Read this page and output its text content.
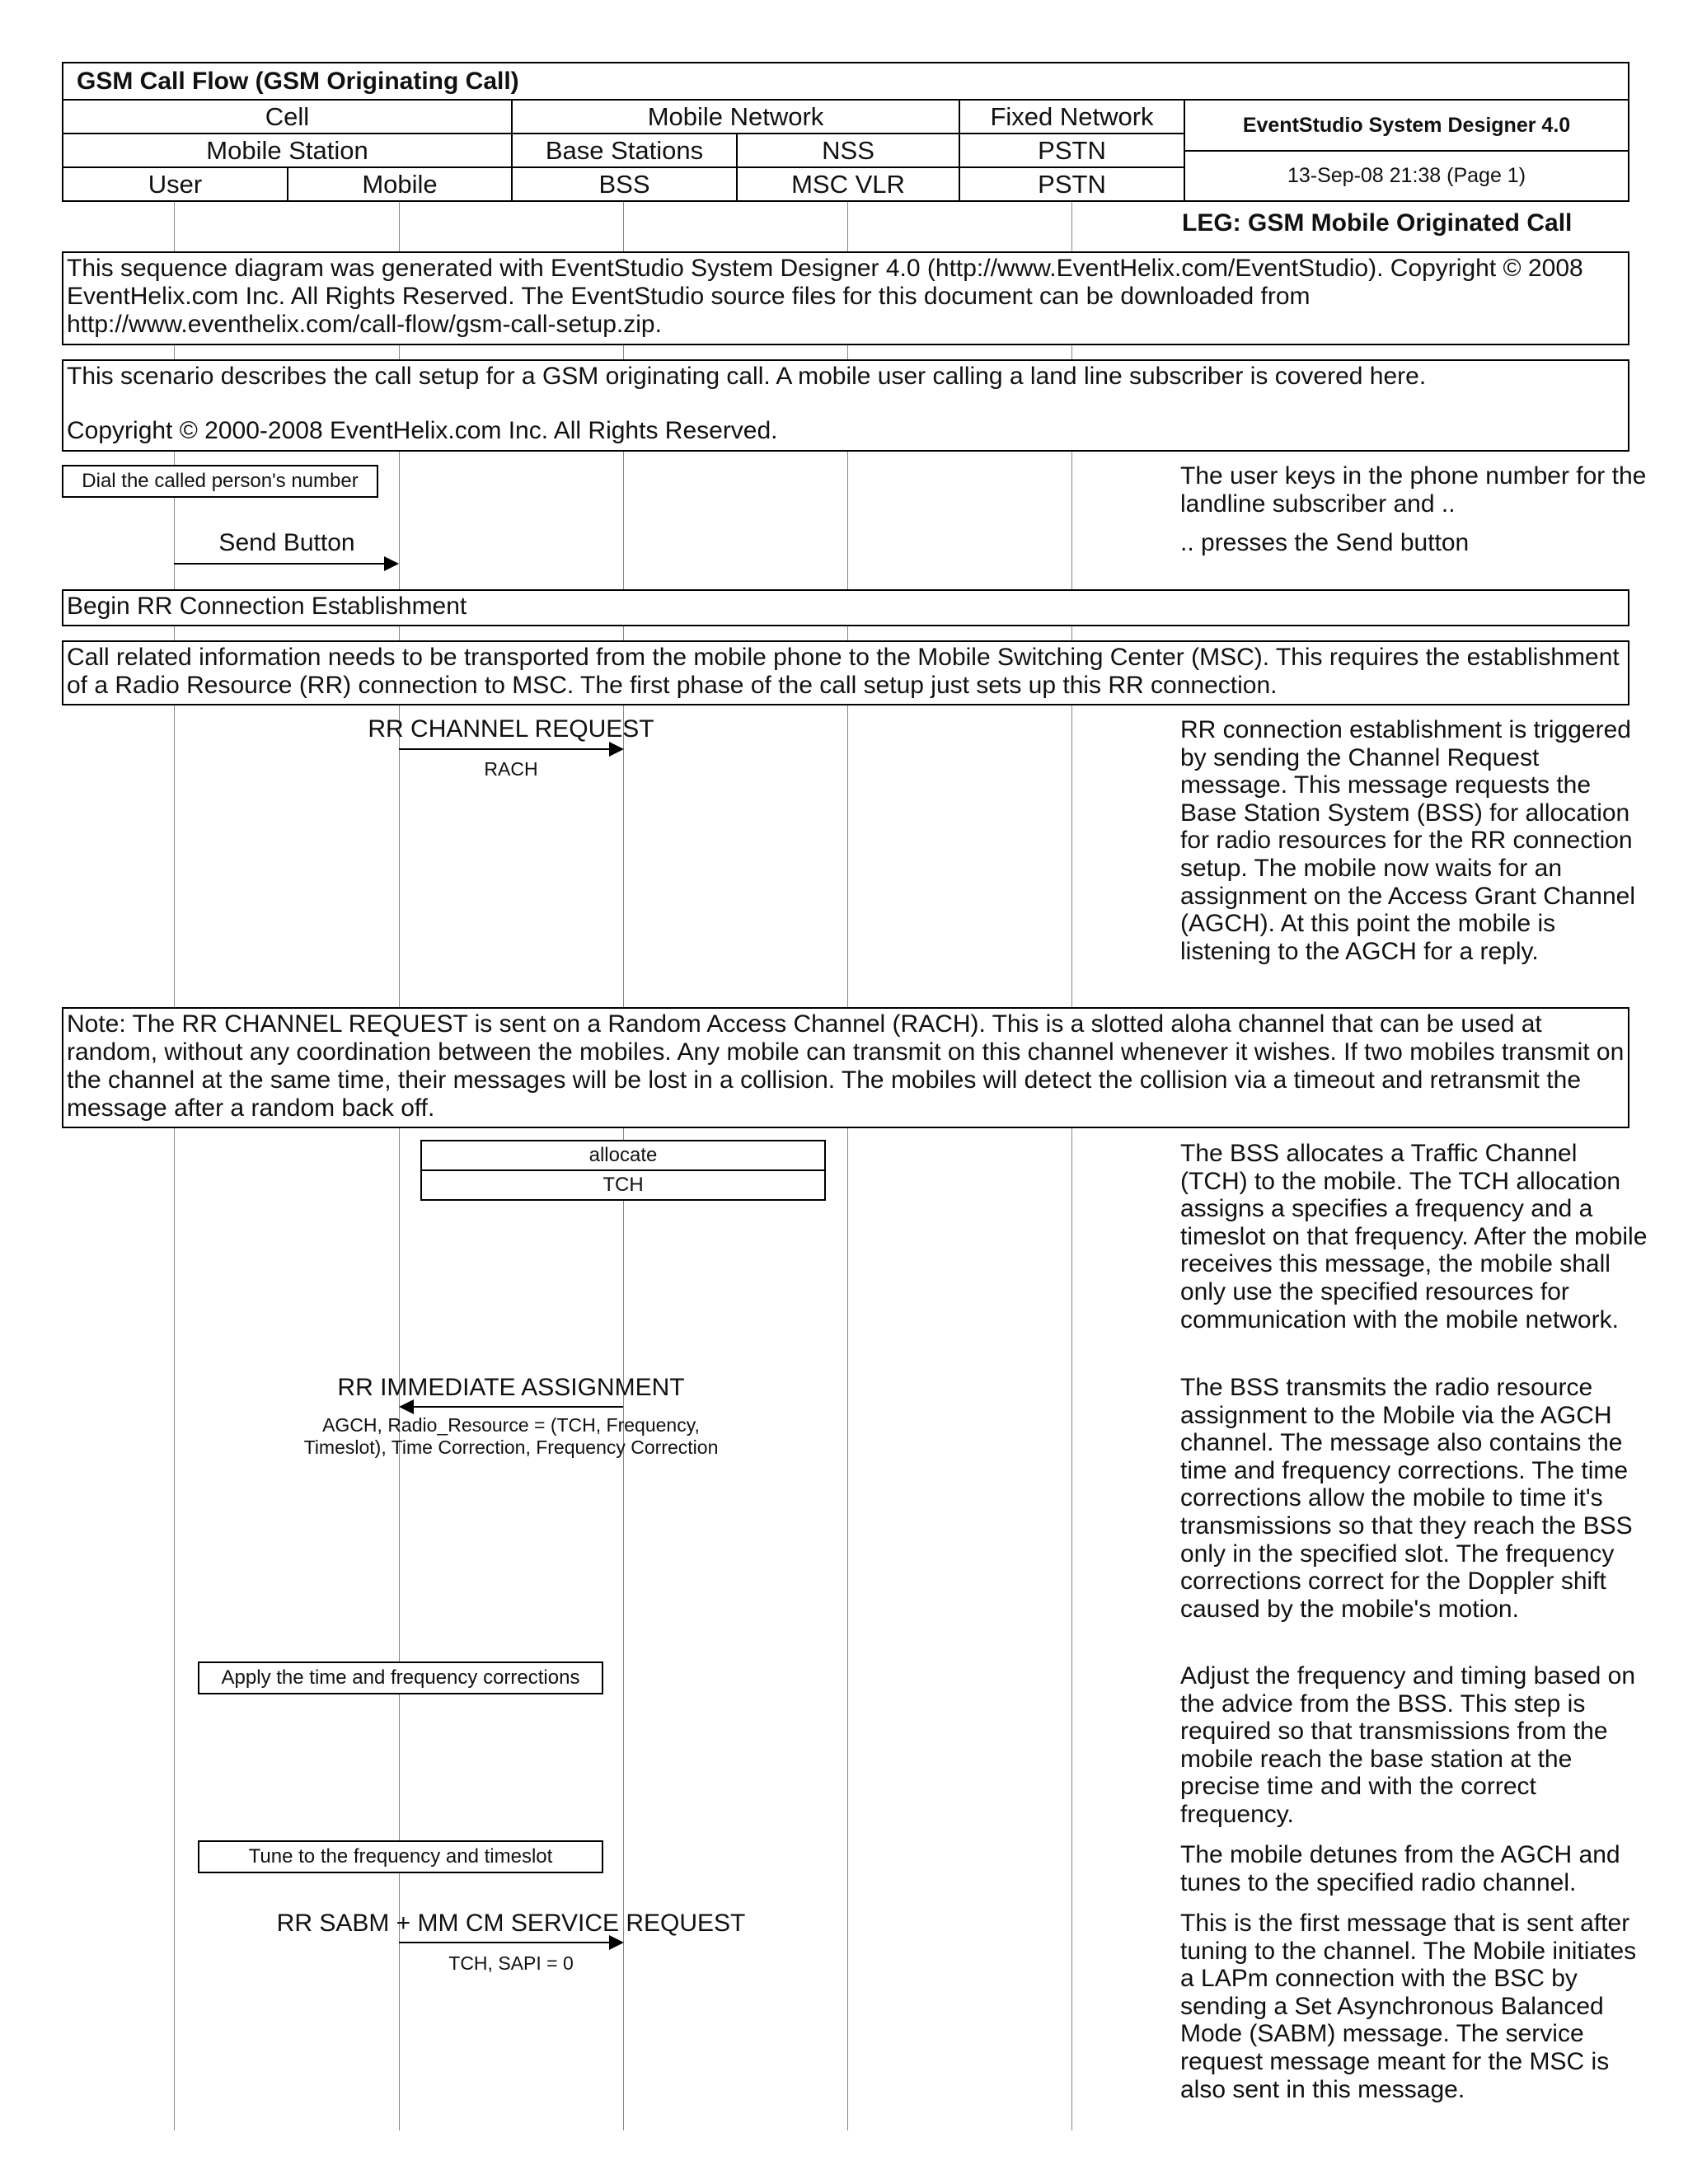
GSM Call Flow (GSM Originating Call)
Cell	Mobile Network	Fixed Network
Mobile Station	Base Stations	NSS	PSTN
User	Mobile	BSS	MSC VLR	PSTN
EventStudio System Designer 4.0
13-Sep-08 21:38 (Page 1)
LEG: GSM Mobile Originated Call
This sequence diagram was generated with EventStudio System Designer 4.0 (http://www.EventHelix.com/EventStudio). Copyright © 2008 EventHelix.com Inc. All Rights Reserved. The EventStudio source files for this document can be downloaded from http://www.eventhelix.com/call-flow/gsm-call-setup.zip.
This scenario describes the call setup for a GSM originating call. A mobile user calling a land line subscriber is covered here.
Copyright © 2000-2008 EventHelix.com Inc. All Rights Reserved.
Dial the called person's number	The user keys in the phone number for the landline subscriber and ..
Send Button	.. presses the Send button
Begin RR Connection Establishment
Call related information needs to be transported from the mobile phone to the Mobile Switching Center (MSC). This requires the establishment of a Radio Resource (RR) connection to MSC. The first phase of the call setup just sets up this RR connection.
RR CHANNEL REQUEST
RACH
RR connection establishment is triggered by sending the Channel Request message. This message requests the Base Station System (BSS) for allocation for radio resources for the RR connection setup. The mobile now waits for an assignment on the Access Grant Channel (AGCH). At this point the mobile is listening to the AGCH for a reply.
Note: The RR CHANNEL REQUEST is sent on a Random Access Channel (RACH). This is a slotted aloha channel that can be used at random, without any coordination between the mobiles. Any mobile can transmit on this channel whenever it wishes. If two mobiles transmit on the channel at the same time, their messages will be lost in a collision. The mobiles will detect the collision via a timeout and retransmit the message after a random back off.
allocate
TCH
The BSS allocates a Traffic Channel (TCH) to the mobile. The TCH allocation assigns a specifies a frequency and a timeslot on that frequency. After the mobile receives this message, the mobile shall only use the specified resources for communication with the mobile network.
RR IMMEDIATE ASSIGNMENT
AGCH, Radio_Resource = (TCH, Frequency,
Timeslot), Time Correction, Frequency Correction
The BSS transmits the radio resource assignment to the Mobile via the AGCH channel. The message also contains the time and frequency corrections. The time corrections allow the mobile to time it's transmissions so that they reach the BSS only in the specified slot. The frequency corrections correct for the Doppler shift caused by the mobile's motion.
Apply the time and frequency corrections	Adjust the frequency and timing based on the advice from the BSS. This step is required so that transmissions from the mobile reach the base station at the precise time and with the correct frequency.
Tune to the frequency and timeslot	The mobile detunes from the AGCH and tunes to the specified radio channel.
RR SABM + MM CM SERVICE REQUEST
TCH, SAPI = 0
This is the first message that is sent after tuning to the channel. The Mobile initiates a LAPm connection with the BSC by sending a Set Asynchronous Balanced Mode (SABM) message. The service request message meant for the MSC is also sent in this message.
